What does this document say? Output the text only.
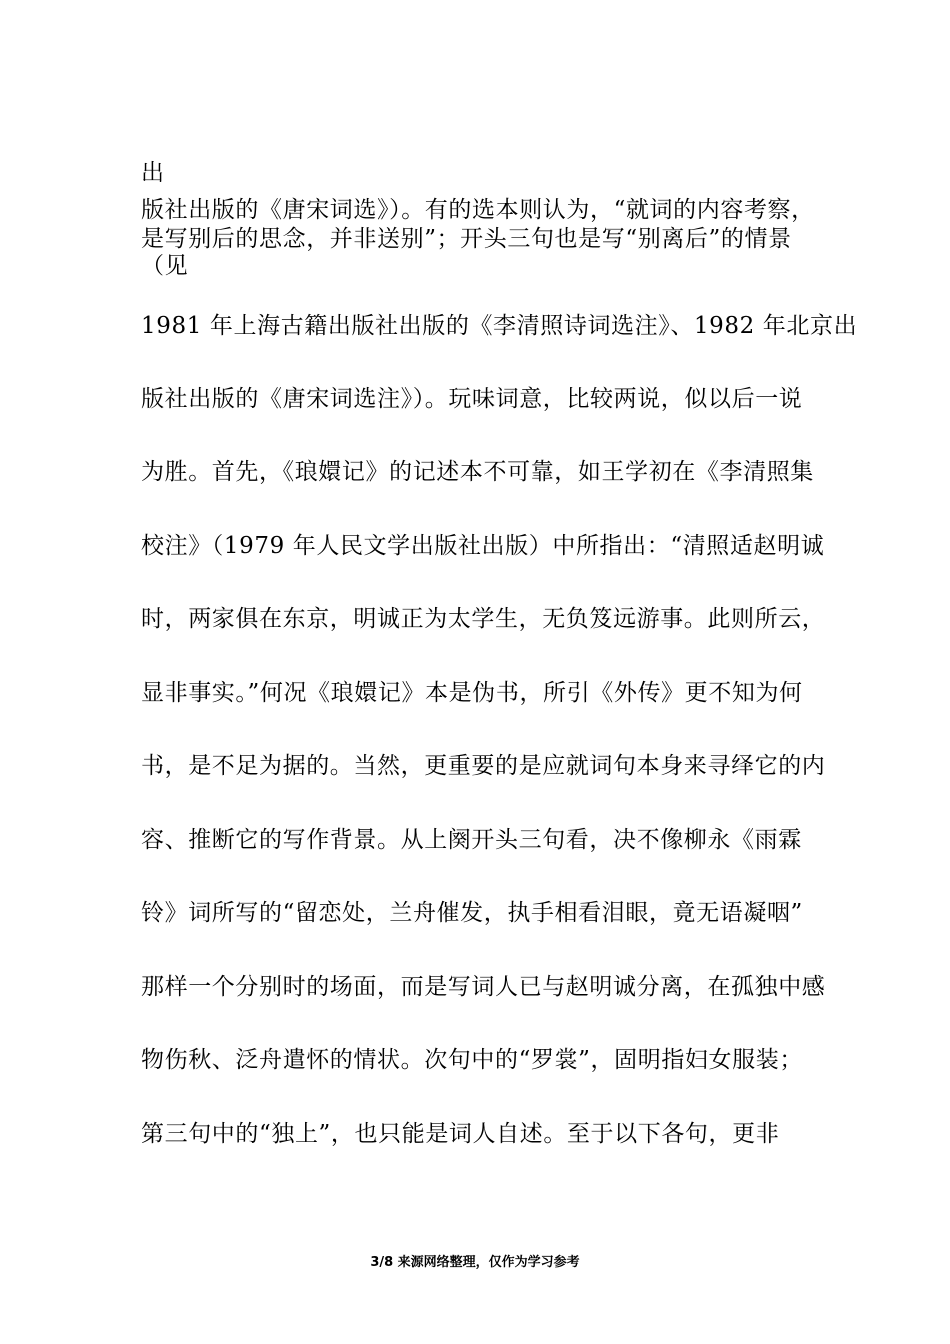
出
版社出版的《唐宋词选》）。有的选本则认为，“就词的内容考察，
是写别后的思念，并非送别”；开头三句也是写“别离后”的情景
（见
1981 年上海古籍出版社出版的《李清照诗词选注》、1982 年北京出
版社出版的《唐宋词选注》）。玩味词意，比较两说，似以后一说
为胜。首先，《琅嬛记》的记述本不可靠，如王学初在《李清照集
校注》（1979 年人民文学出版社出版）中所指出：“清照适赵明诚
时，两家俱在东京，明诚正为太学生，无负笈远游事。此则所云，
显非事实。”何况《琅嬛记》本是伪书，所引《外传》更不知为何
书，是不足为据的。当然，更重要的是应就词句本身来寻绎它的内
容、推断它的写作背景。从上阕开头三句看，决不像柳永《雨霖
铃》词所写的“留恋处，兰舟催发，执手相看泪眼，竟无语凝咽”
那样一个分别时的场面，而是写词人已与赵明诚分离，在孤独中感
物伤秋、泛舟遣怀的情状。次句中的“罗裳”，固明指妇女服装；
第三句中的“独上”，也只能是词人自述。至于以下各句，更非
3/8 来源网络整理，仅作为学习参考
